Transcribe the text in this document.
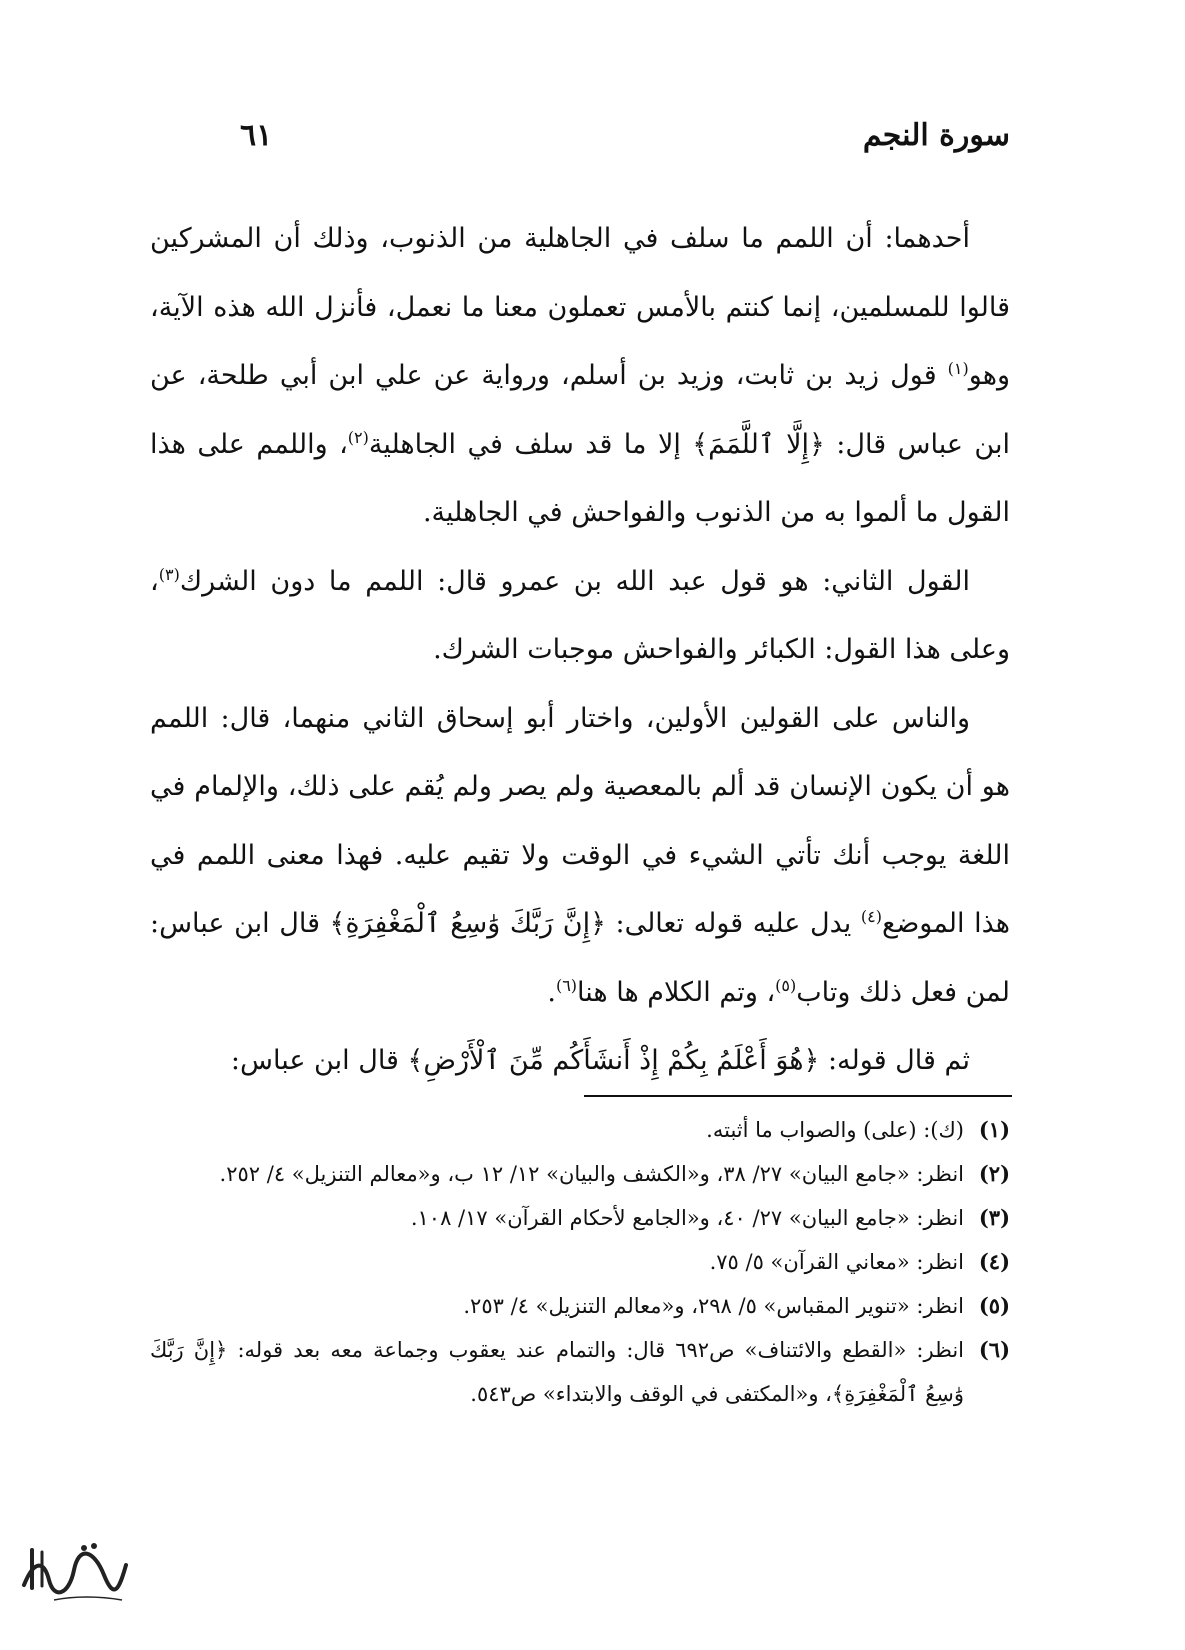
سورة النجم
٦١

أحدهما: أن اللمم ما سلف في الجاهلية من الذنوب، وذلك أن المشركين قالوا للمسلمين، إنما كنتم بالأمس تعملون معنا ما نعمل، فأنزل الله هذه الآية، وهو$^{(١)}$ قول زيد بن ثابت، وزيد بن أسلم، ورواية عن علي ابن أبي طلحة، عن ابن عباس قال: ﴿إِلَّا ٱللَّمَمَ﴾ إلا ما قد سلف في الجاهلية$^{(٢)}$، واللمم على هذا القول ما ألموا به من الذنوب والفواحش في الجاهلية.

القول الثاني: هو قول عبد الله بن عمرو قال: اللمم ما دون الشرك$^{(٣)}$، وعلى هذا القول: الكبائر والفواحش موجبات الشرك.

والناس على القولين الأولين، واختار أبو إسحاق الثاني منهما، قال: اللمم هو أن يكون الإنسان قد ألم بالمعصية ولم يصر ولم يُقم على ذلك، والإلمام في اللغة يوجب أنك تأتي الشيء في الوقت ولا تقيم عليه. فهذا معنى اللمم في هذا الموضع$^{(٤)}$ يدل عليه قوله تعالى: ﴿إِنَّ رَبَّكَ وَٰسِعُ ٱلْمَغْفِرَةِ﴾ قال ابن عباس: لمن فعل ذلك وتاب$^{(٥)}$، وتم الكلام ها هنا$^{(٦)}$.

ثم قال قوله: ﴿هُوَ أَعْلَمُ بِكُمْ إِذْ أَنشَأَكُم مِّنَ ٱلْأَرْضِ﴾ قال ابن عباس:

(١)
(ك): (على) والصواب ما أثبته.
(٢)
انظر: «جامع البيان» ٢٧/ ٣٨، و«الكشف والبيان» ١٢/ ١٢ ب، و«معالم التنزيل» ٤/ ٢٥٢.
(٣)
انظر: «جامع البيان» ٢٧/ ٤٠، و«الجامع لأحكام القرآن» ١٧/ ١٠٨.
(٤)
انظر: «معاني القرآن» ٥/ ٧٥.
(٥)
انظر: «تنوير المقباس» ٥/ ٢٩٨، و«معالم التنزيل» ٤/ ٢٥٣.
(٦)
انظر: «القطع والائتناف» ص٦٩٢ قال: والتمام عند يعقوب وجماعة معه بعد قوله: ﴿إِنَّ رَبَّكَ وَٰسِعُ ٱلْمَغْفِرَةِ﴾، و«المكتفى في الوقف والابتداء» ص٥٤٣.
